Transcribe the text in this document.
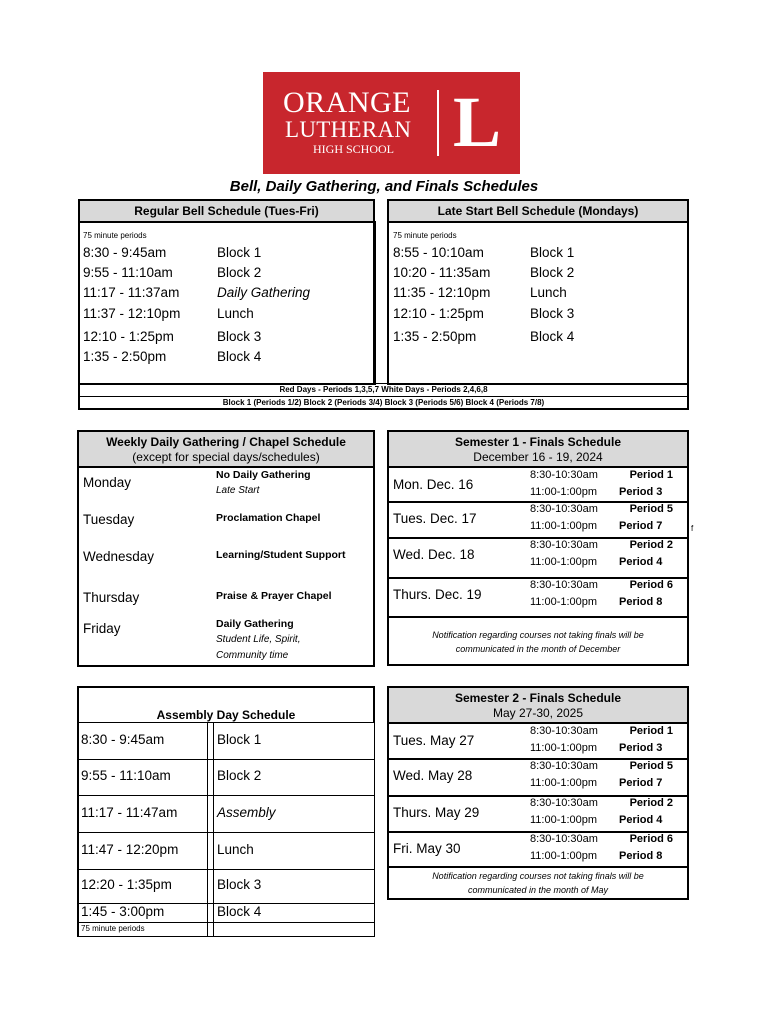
ORANGE
LUTHERAN
HIGH SCHOOL L
Bell, Daily Gathering, and Finals Schedules
Regular Bell Schedule (Tues-Fri)
75 minute periods
8:30 - 9:45am	Block 1
9:55 - 11:10am	Block 2
11:17 - 11:37am	Daily Gathering
11:37 - 12:10pm	Lunch
12:10 - 1:25pm	Block 3
1:35 - 2:50pm	Block 4
Late Start Bell Schedule (Mondays)
75 minute periods
8:55 - 10:10am	Block 1
10:20 - 11:35am	Block 2
11:35 - 12:10pm	Lunch
12:10 - 1:25pm	Block 3
1:35 - 2:50pm	Block 4
Red Days - Periods 1,3,5,7 White Days - Periods 2,4,6,8
Block 1 (Periods 1/2) Block 2 (Periods 3/4) Block 3 (Periods 5/6) Block 4 (Periods 7/8)
Weekly Daily Gathering / Chapel Schedule
(except for special days/schedules)
Monday	No Daily Gathering
Late Start
Tuesday	Proclamation Chapel
Wednesday	Learning/Student Support
Thursday	Praise & Prayer Chapel
Friday	Daily Gathering
Student Life, Spirit,
Community time
Semester 1 - Finals Schedule
December 16 - 19, 2024
Mon. Dec. 16
8:30-10:30am	Period 1
11:00-1:00pm Period 3
Tues. Dec. 17
8:30-10:30am	Period 5
11:00-1:00pm Period 7
Wed. Dec. 18
8:30-10:30am	Period 2
11:00-1:00pm Period 4
Thurs. Dec. 19
8:30-10:30am	Period 6
11:00-1:00pm Period 8
Notification regarding courses not taking finals will be
communicated in the month of December
f
Assembly Day Schedule
8:30 - 9:45am	Block 1
9:55 - 11:10am	Block 2
11:17 - 11:47am	Assembly
11:47 - 12:20pm	Lunch
12:20 - 1:35pm	Block 3
1:45 - 3:00pm	Block 4
75 minute periods
Semester 2 - Finals Schedule
May 27-30, 2025
Tues. May 27
8:30-10:30am	Period 1
11:00-1:00pm Period 3
Wed. May 28
8:30-10:30am	Period 5
11:00-1:00pm Period 7
Thurs. May 29
8:30-10:30am	Period 2
11:00-1:00pm Period 4
Fri. May 30
8:30-10:30am	Period 6
11:00-1:00pm Period 8
Notification regarding courses not taking finals will be
communicated in the month of May
